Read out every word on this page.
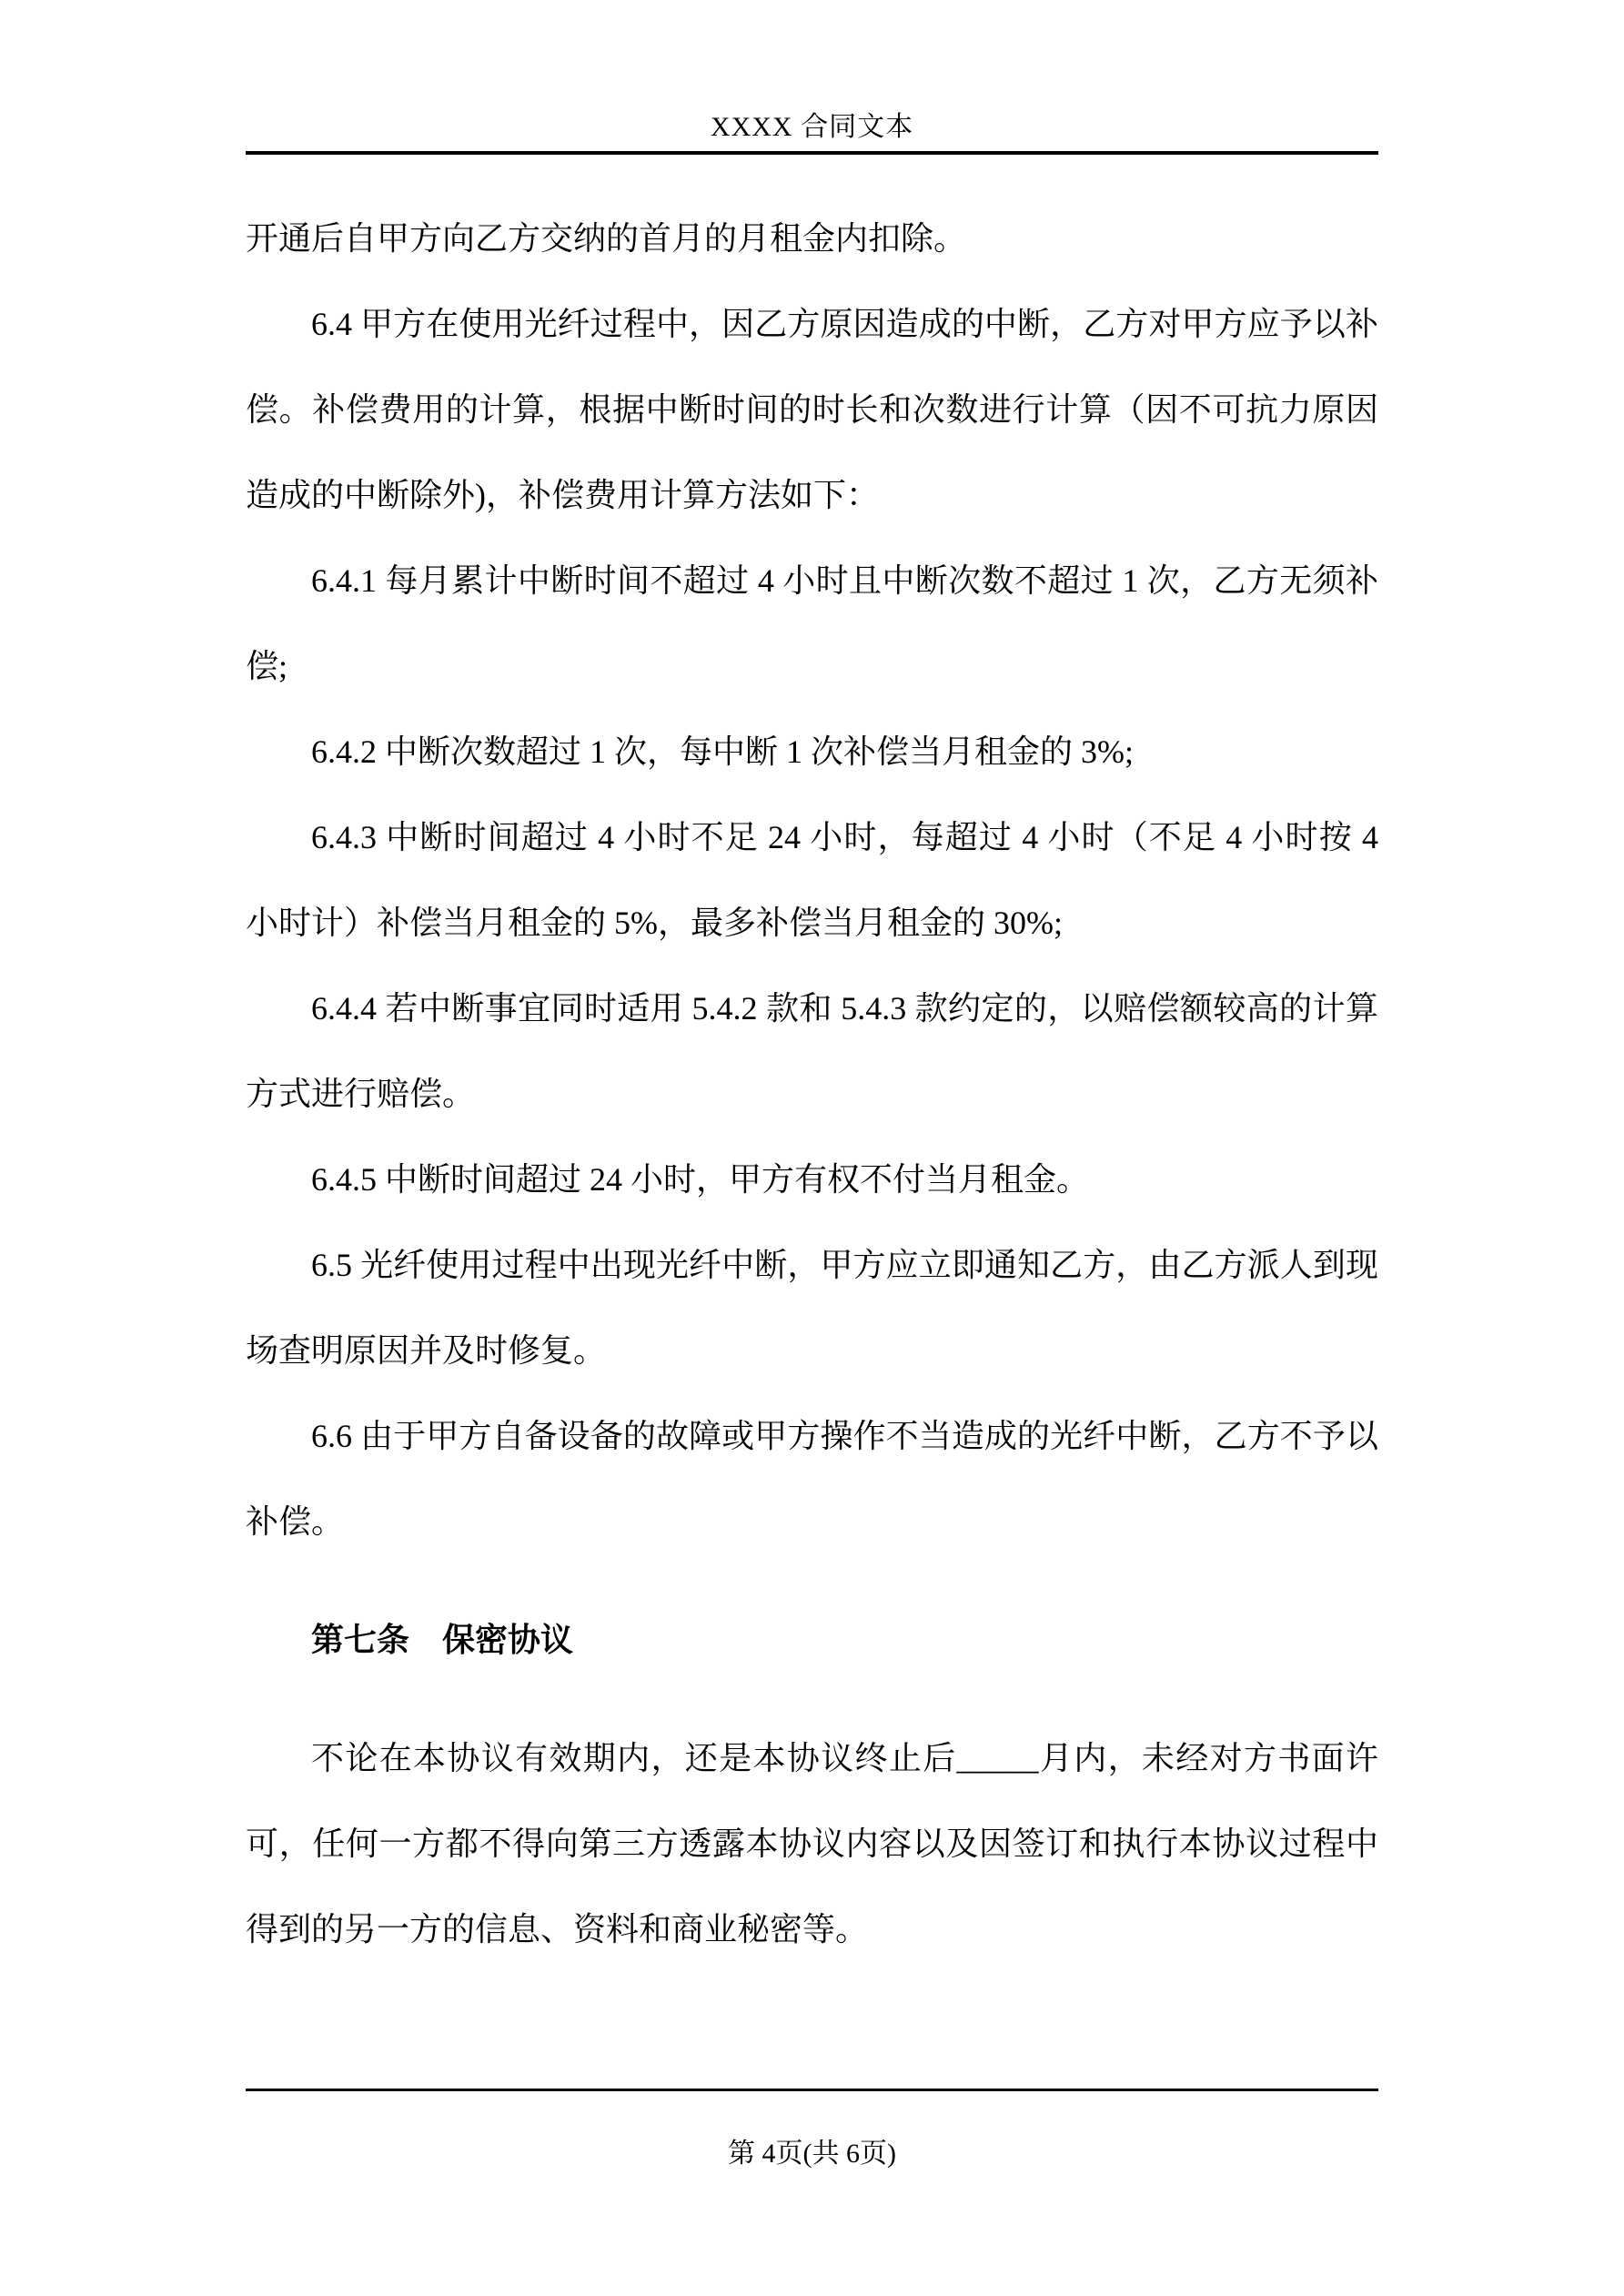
XXXX 合同文本

开通后自甲方向乙方交纳的首月的月租金内扣除。

6.4 甲方在使用光纤过程中，因乙方原因造成的中断，乙方对甲方应予以补偿。补偿费用的计算，根据中断时间的时长和次数进行计算（因不可抗力原因造成的中断除外)，补偿费用计算方法如下：

6.4.1 每月累计中断时间不超过 4 小时且中断次数不超过 1 次，乙方无须补偿;

6.4.2 中断次数超过 1 次，每中断 1 次补偿当月租金的 3%;

6.4.3 中断时间超过 4 小时不足 24 小时，每超过 4 小时（不足 4 小时按 4 小时计）补偿当月租金的 5%，最多补偿当月租金的 30%;

6.4.4 若中断事宜同时适用 5.4.2 款和 5.4.3 款约定的，以赔偿额较高的计算方式进行赔偿。

6.4.5 中断时间超过 24 小时，甲方有权不付当月租金。

6.5 光纤使用过程中出现光纤中断，甲方应立即通知乙方，由乙方派人到现场查明原因并及时修复。

6.6 由于甲方自备设备的故障或甲方操作不当造成的光纤中断，乙方不予以补偿。

第七条　保密协议

不论在本协议有效期内，还是本协议终止后_____月内，未经对方书面许可，任何一方都不得向第三方透露本协议内容以及因签订和执行本协议过程中得到的另一方的信息、资料和商业秘密等。

第 4页(共 6页)
